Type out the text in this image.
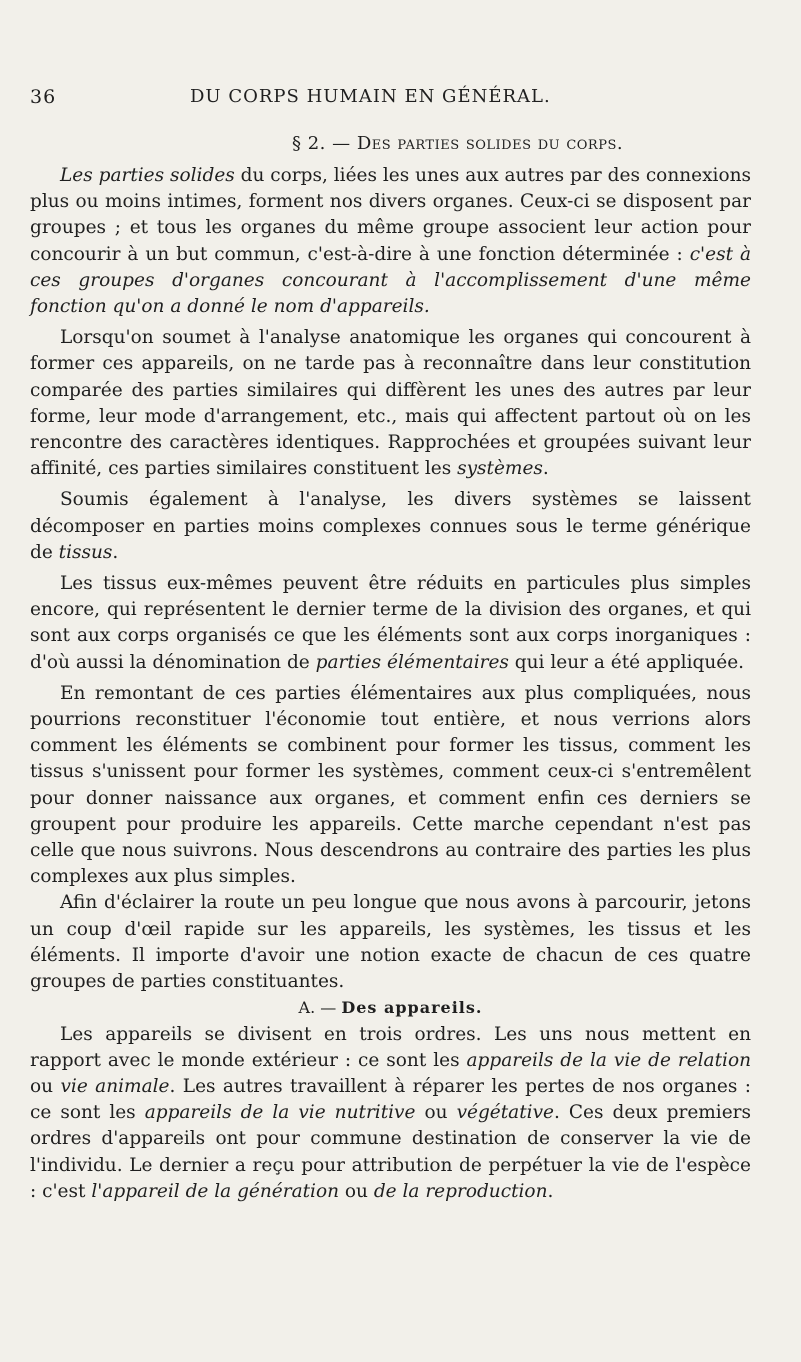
36	DU CORPS HUMAIN EN GÉNÉRAL.
§ 2. — Des parties solides du corps.

Les parties solides du corps, liées les unes aux autres par des connexions plus ou moins intimes, forment nos divers organes. Ceux-ci se disposent par groupes ; et tous les organes du même groupe associent leur action pour concourir à un but commun, c'est-à-dire à une fonction déterminée : c'est à ces groupes d'organes concourant à l'accomplissement d'une même fonction qu'on a donné le nom d'appareils.

Lorsqu'on soumet à l'analyse anatomique les organes qui concourent à former ces appareils, on ne tarde pas à reconnaître dans leur constitution comparée des parties similaires qui diffèrent les unes des autres par leur forme, leur mode d'arrangement, etc., mais qui affectent partout où on les rencontre des caractères identiques. Rapprochées et groupées suivant leur affinité, ces parties similaires constituent les systèmes.

Soumis également à l'analyse, les divers systèmes se laissent décomposer en parties moins complexes connues sous le terme générique de tissus.

Les tissus eux-mêmes peuvent être réduits en particules plus simples encore, qui représentent le dernier terme de la division des organes, et qui sont aux corps organisés ce que les éléments sont aux corps inorganiques : d'où aussi la dénomination de parties élémentaires qui leur a été appliquée.

En remontant de ces parties élémentaires aux plus compliquées, nous pourrions reconstituer l'économie tout entière, et nous verrions alors comment les éléments se combinent pour former les tissus, comment les tissus s'unissent pour former les systèmes, comment ceux-ci s'entremêlent pour donner naissance aux organes, et comment enfin ces derniers se groupent pour produire les appareils. Cette marche cependant n'est pas celle que nous suivrons. Nous descendrons au contraire des parties les plus complexes aux plus simples.

Afin d'éclairer la route un peu longue que nous avons à parcourir, jetons un coup d'œil rapide sur les appareils, les systèmes, les tissus et les éléments. Il importe d'avoir une notion exacte de chacun de ces quatre groupes de parties constituantes.

A. — Des appareils.

Les appareils se divisent en trois ordres. Les uns nous mettent en rapport avec le monde extérieur : ce sont les appareils de la vie de relation ou vie animale. Les autres travaillent à réparer les pertes de nos organes : ce sont les appareils de la vie nutritive ou végétative. Ces deux premiers ordres d'appareils ont pour commune destination de conserver la vie de l'individu. Le dernier a reçu pour attribution de perpétuer la vie de l'espèce : c'est l'appareil de la génération ou de la reproduction.
